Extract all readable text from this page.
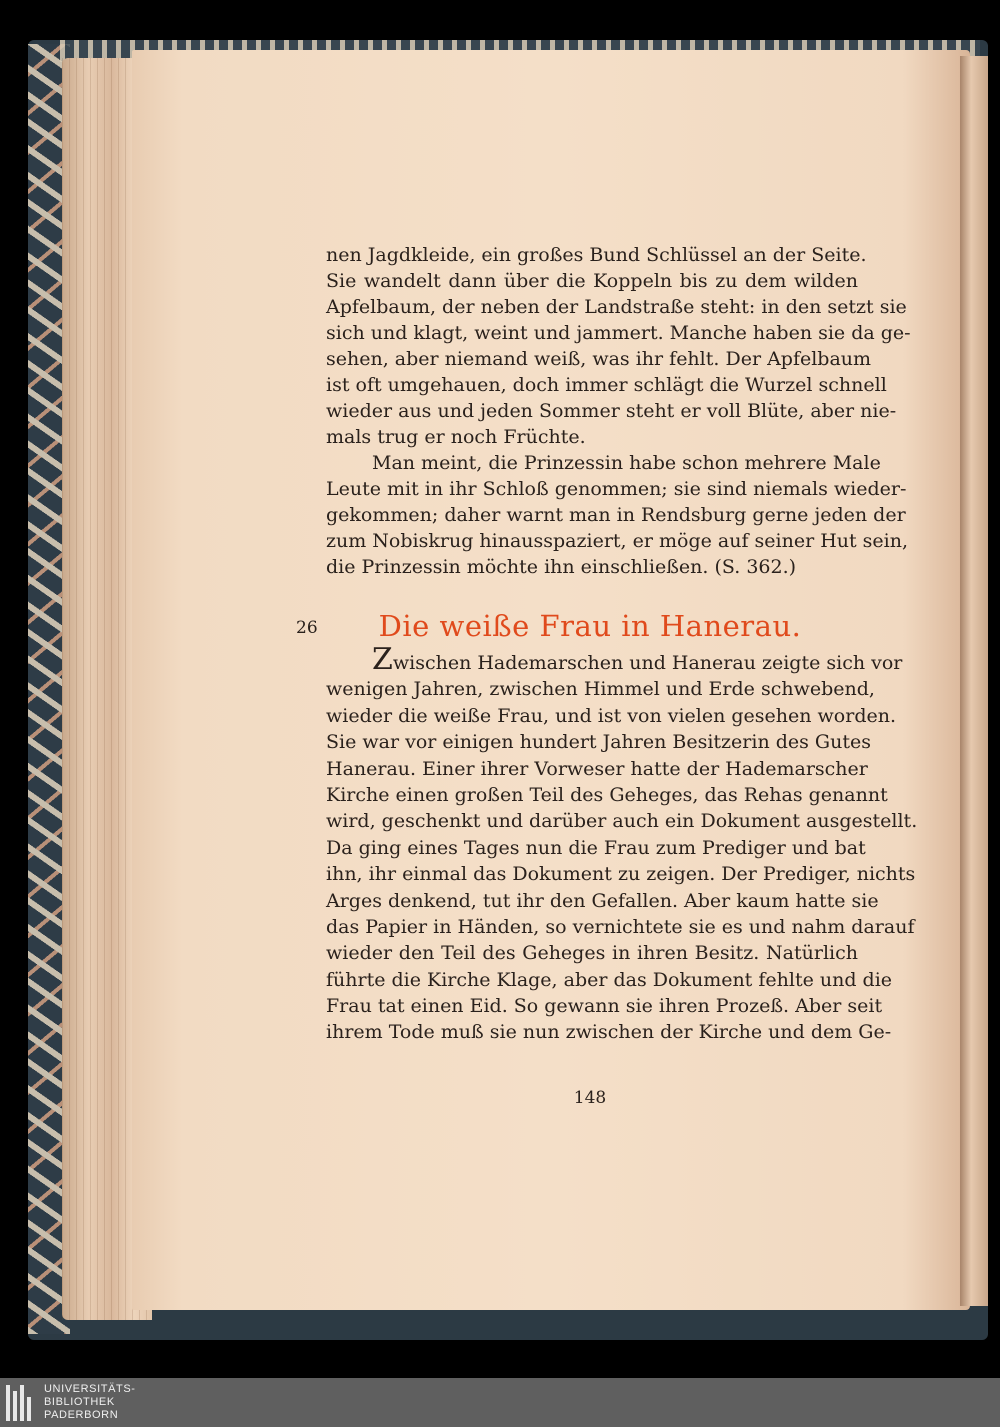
nen Jagdkleide, ein großes Bund Schlüssel an der Seite.
Sie wandelt dann über die Koppeln bis zu dem wilden
Apfelbaum, der neben der Landstraße steht: in den setzt sie
sich und klagt, weint und jammert. Manche haben sie da ge-
sehen, aber niemand weiß, was ihr fehlt. Der Apfelbaum
ist oft umgehauen, doch immer schlägt die Wurzel schnell
wieder aus und jeden Sommer steht er voll Blüte, aber nie-
mals trug er noch Früchte.
Man meint, die Prinzessin habe schon mehrere Male
Leute mit in ihr Schloß genommen; sie sind niemals wieder-
gekommen; daher warnt man in Rendsburg gerne jeden der
zum Nobiskrug hinausspaziert, er möge auf seiner Hut sein,
die Prinzessin möchte ihn einschließen. (S. 362.)
26	Die weiße Frau in Hanerau.
Zwischen Hademarschen und Hanerau zeigte sich vor
wenigen Jahren, zwischen Himmel und Erde schwebend,
wieder die weiße Frau, und ist von vielen gesehen worden.
Sie war vor einigen hundert Jahren Besitzerin des Gutes
Hanerau. Einer ihrer Vorweser hatte der Hademarscher
Kirche einen großen Teil des Geheges, das Rehas genannt
wird, geschenkt und darüber auch ein Dokument ausgestellt.
Da ging eines Tages nun die Frau zum Prediger und bat
ihn, ihr einmal das Dokument zu zeigen. Der Prediger, nichts
Arges denkend, tut ihr den Gefallen. Aber kaum hatte sie
das Papier in Händen, so vernichtete sie es und nahm darauf
wieder den Teil des Geheges in ihren Besitz. Natürlich
führte die Kirche Klage, aber das Dokument fehlte und die
Frau tat einen Eid. So gewann sie ihren Prozeß. Aber seit
ihrem Tode muß sie nun zwischen der Kirche und dem Ge-
148
UNIVERSITÄTS-
BIBLIOTHEK
PADERBORN
